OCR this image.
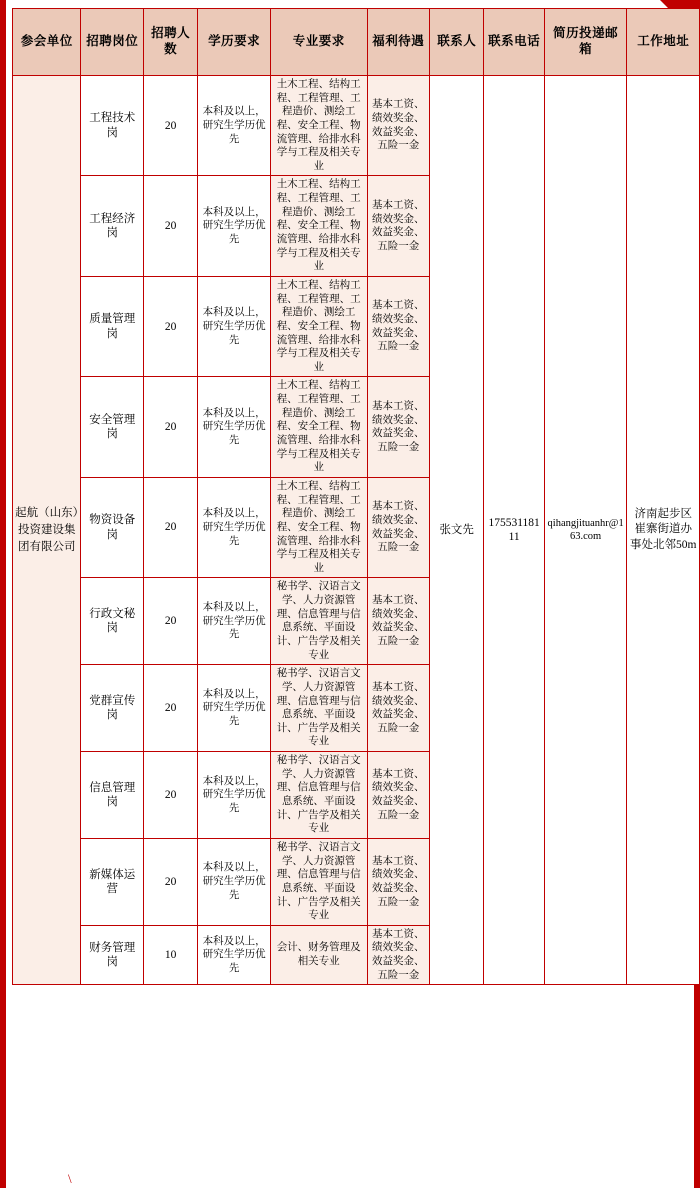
参会单位	招聘岗位	招聘人数	学历要求	专业要求	福利待遇	联系人	联系电话	简历投递邮箱	工作地址
起航（山东）投资建设集团有限公司	工程技术岗	20	本科及以上，研究生学历优先	土木工程、结构工程、工程管理、工程造价、测绘工程、安全工程、物流管理、给排水科学与工程及相关专业	基本工资、绩效奖金、效益奖金、五险一金	张文先	17553118111	qihangjituanhr@163.com	济南起步区崔寨街道办事处北邻50m
	工程经济岗	20	本科及以上，研究生学历优先	土木工程、结构工程、工程管理、工程造价、测绘工程、安全工程、物流管理、给排水科学与工程及相关专业	基本工资、绩效奖金、效益奖金、五险一金				
	质量管理岗	20	本科及以上，研究生学历优先	土木工程、结构工程、工程管理、工程造价、测绘工程、安全工程、物流管理、给排水科学与工程及相关专业	基本工资、绩效奖金、效益奖金、五险一金				
	安全管理岗	20	本科及以上，研究生学历优先	土木工程、结构工程、工程管理、工程造价、测绘工程、安全工程、物流管理、给排水科学与工程及相关专业	基本工资、绩效奖金、效益奖金、五险一金				
	物资设备岗	20	本科及以上，研究生学历优先	土木工程、结构工程、工程管理、工程造价、测绘工程、安全工程、物流管理、给排水科学与工程及相关专业	基本工资、绩效奖金、效益奖金、五险一金				
	行政文秘岗	20	本科及以上，研究生学历优先	秘书学、汉语言文学、人力资源管理、信息管理与信息系统、平面设计、广告学及相关专业	基本工资、绩效奖金、效益奖金、五险一金				
	党群宣传岗	20	本科及以上，研究生学历优先	秘书学、汉语言文学、人力资源管理、信息管理与信息系统、平面设计、广告学及相关专业	基本工资、绩效奖金、效益奖金、五险一金				
	信息管理岗	20	本科及以上，研究生学历优先	秘书学、汉语言文学、人力资源管理、信息管理与信息系统、平面设计、广告学及相关专业	基本工资、绩效奖金、效益奖金、五险一金				
	新媒体运营	20	本科及以上，研究生学历优先	秘书学、汉语言文学、人力资源管理、信息管理与信息系统、平面设计、广告学及相关专业	基本工资、绩效奖金、效益奖金、五险一金				
	财务管理岗	10	本科及以上，研究生学历优先	会计、财务管理及相关专业	基本工资、绩效奖金、效益奖金、五险一金				
\
